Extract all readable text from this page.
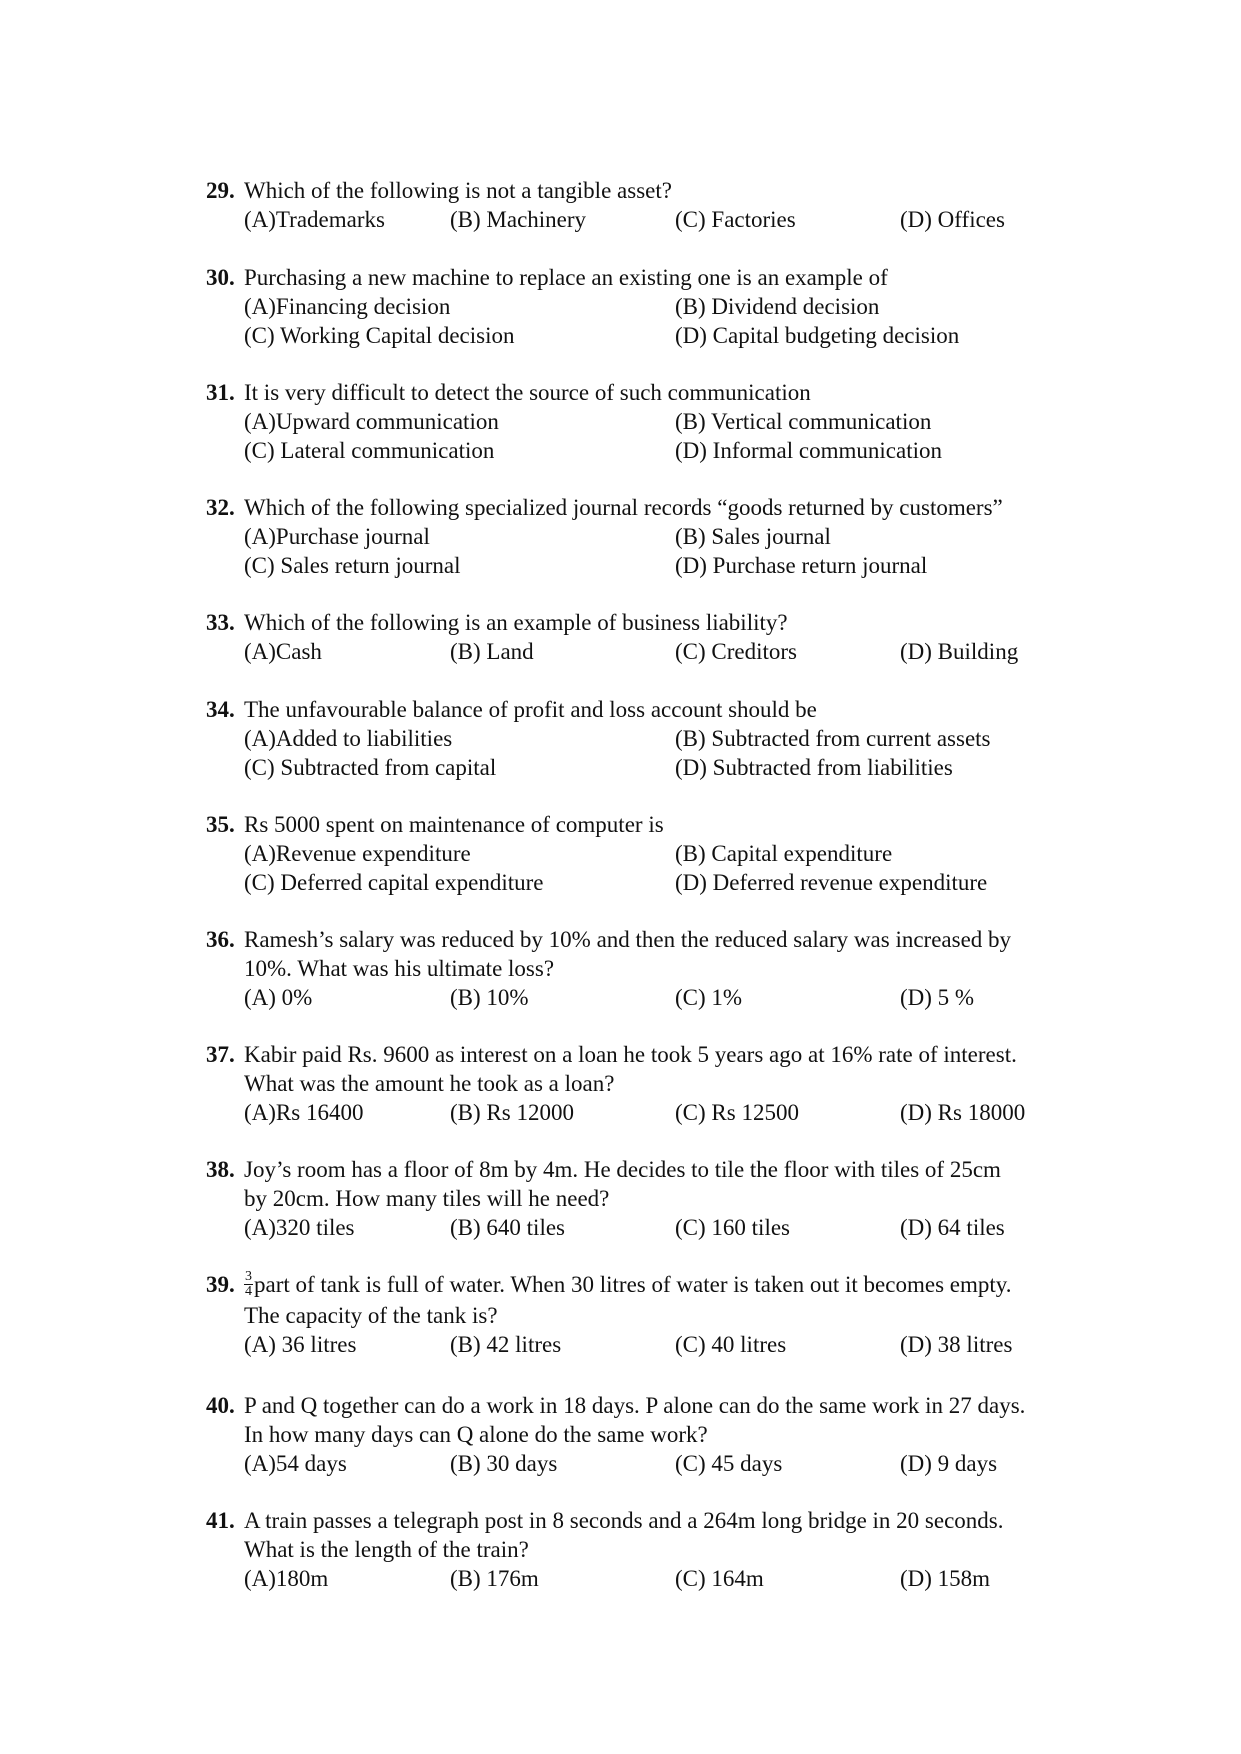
29. Which of the following is not a tangible asset?
(A)Trademarks	(B) Machinery	(C) Factories	(D) Offices
30. Purchasing a new machine to replace an existing one is an example of
(A)Financing decision	(B) Dividend decision
(C) Working Capital decision	(D) Capital budgeting decision
31. It is very difficult to detect the source of such communication
(A)Upward communication	(B) Vertical communication
(C) Lateral communication	(D) Informal communication
32. Which of the following specialized journal records “goods returned by customers”
(A)Purchase journal	(B) Sales journal
(C) Sales return journal	(D) Purchase return journal
33. Which of the following is an example of business liability?
(A)Cash	(B) Land	(C) Creditors	(D) Building
34. The unfavourable balance of profit and loss account should be
(A)Added to liabilities	(B) Subtracted from current assets
(C) Subtracted from capital	(D) Subtracted from liabilities
35. Rs 5000 spent on maintenance of computer is
(A)Revenue expenditure	(B) Capital expenditure
(C) Deferred capital expenditure	(D) Deferred revenue expenditure
36. Ramesh’s salary was reduced by 10% and then the reduced salary was increased by
10%. What was his ultimate loss?
(A) 0%	(B) 10%	(C) 1%	(D) 5 %
37. Kabir paid Rs. 9600 as interest on a loan he took 5 years ago at 16% rate of interest.
What was the amount he took as a loan?
(A)Rs 16400	(B) Rs 12000	(C) Rs 12500	(D) Rs 18000
38. Joy’s room has a floor of 8m by 4m. He decides to tile the floor with tiles of 25cm
by 20cm. How many tiles will he need?
(A)320 tiles	(B) 640 tiles	(C) 160 tiles	(D) 64 tiles
39. $\frac{3}{4}$ part of tank is full of water. When 30 litres of water is taken out it becomes empty.
The capacity of the tank is?
(A) 36 litres	(B) 42 litres	(C) 40 litres	(D) 38 litres
40. P and Q together can do a work in 18 days. P alone can do the same work in 27 days.
In how many days can Q alone do the same work?
(A)54 days	(B) 30 days	(C) 45 days	(D) 9 days
41. A train passes a telegraph post in 8 seconds and a 264m long bridge in 20 seconds.
What is the length of the train?
(A)180m	(B) 176m	(C) 164m	(D) 158m
